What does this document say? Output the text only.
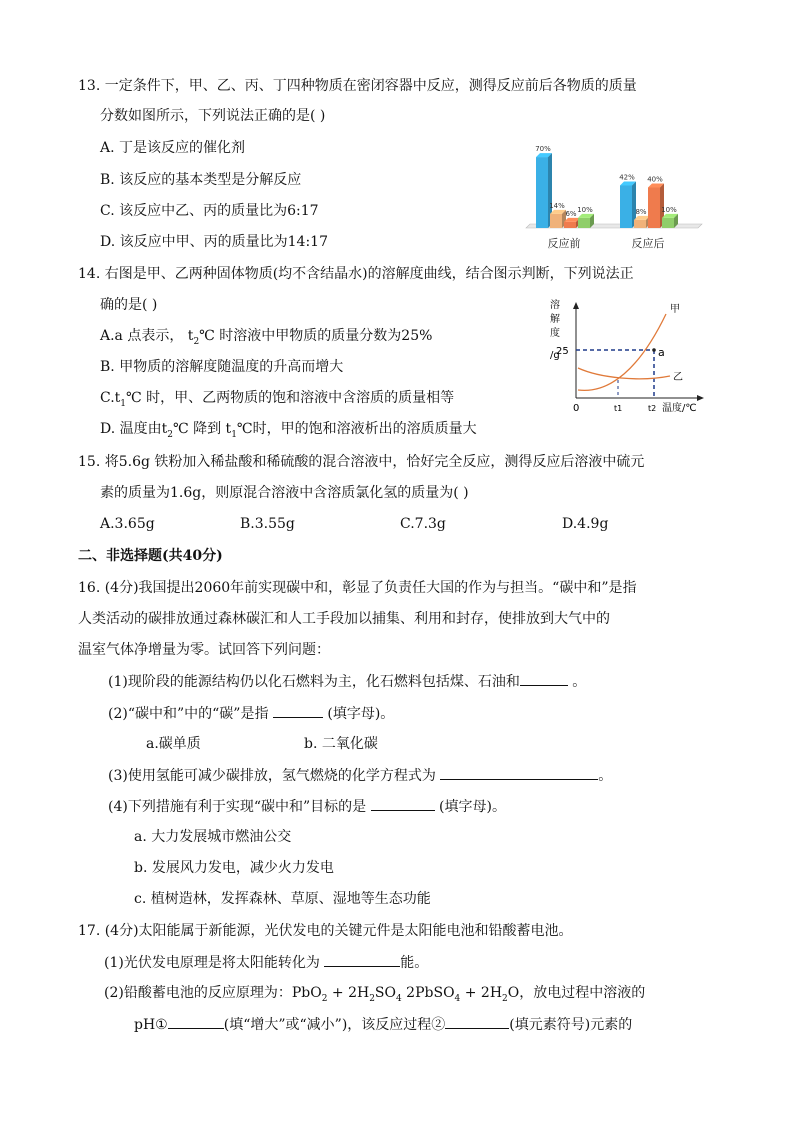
13. 一定条件下，甲、乙、丙、丁四种物质在密闭容器中反应，测得反应前后各物质的质量
分数如图所示，下列说法正确的是( )
A. 丁是该反应的催化剂
B. 该反应的基本类型是分解反应
C. 该反应中乙、丙的质量比为6:17
D. 该反应中甲、丙的质量比为14:17
70%
14%
6%
10%
反应前
42%
8%
40%
10%
反应后
14. 右图是甲、乙两种固体物质(均不含结晶水)的溶解度曲线，结合图示判断，下列说法正
确的是( )
A.a 点表示， $t_2℃$ 时溶液中甲物质的质量分数为25%
B. 甲物质的溶解度随温度的升高而增大
$C.t_1℃$ 时，甲、乙两物质的饱和溶液中含溶质的质量相等
D. 温度由$t_2℃$ 降到 $t_1℃$时，甲的饱和溶液析出的溶质质量大
溶
解
度
/g	a
甲
乙
25
0	t1	t2 温度/℃
15. 将5.6g 铁粉加入稀盐酸和稀硫酸的混合溶液中，恰好完全反应，测得反应后溶液中硫元
素的质量为1.6g，则原混合溶液中含溶质氯化氢的质量为( )
A.3.65g	B.3.55g	C.7.3g	D.4.9g
二、非选择题(共40分)
16. (4分)我国提出2060年前实现碳中和，彰显了负责任大国的作为与担当。“碳中和”是指
人类活动的碳排放通过森林碳汇和人工手段加以捕集、利用和封存，使排放到大气中的
温室气体净增量为零。试回答下列问题：
(1)现阶段的能源结构仍以化石燃料为主，化石燃料包括煤、石油和	。
(2)“碳中和”中的“碳”是指	(填字母)。
a.碳单质	b. 二氧化碳
(3)使用氢能可减少碳排放，氢气燃烧的化学方程式为	。
(4)下列措施有利于实现“碳中和”目标的是	(填字母)。
a. 大力发展城市燃油公交
b. 发展风力发电，减少火力发电
c. 植树造林，发挥森林、草原、湿地等生态功能
17. (4分)太阳能属于新能源，光伏发电的关键元件是太阳能电池和铅酸蓄电池。
(1)光伏发电原理是将太阳能转化为	能。
(2)铅酸蓄电池的反应原理为：$PbO_2 + 2H_2SO_4$ 2PbSO$_4$ + $2H_2O$，放电过程中溶液的
pH①	(填“增大”或“减小”)，该反应过程②	(填元素符号)元素的
